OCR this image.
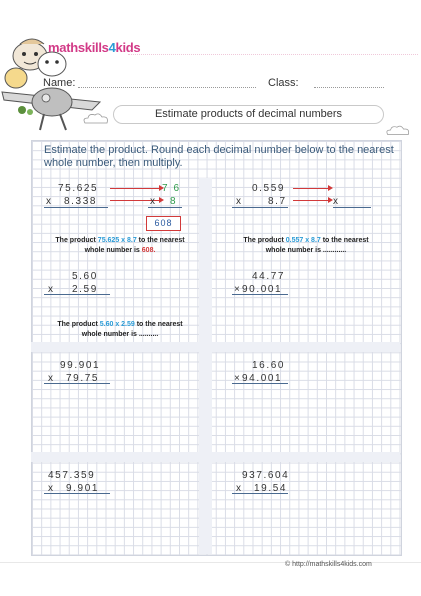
mathskills4kids
Name:	Class:
Estimate products of decimal numbers
Estimate the product. Round each decimal number below to the nearest whole number, then multiply.
75.625
x 8.338
7 6
x 8
608
The product 75.625 x 8.7 to the nearest
whole number is 608.
0.559
x	8.7	x
The product 0.557 x 8.7 to the nearest
whole number is ............
5.60
x 2.59
The product 5.60 x 2.59 to the nearest
whole number is ..........
44.77
× 90.001
99.901
x 79.75
16.60
× 94.001
457.359
x 9.901
937.604
x 19.54
© http://mathskills4kids.com
